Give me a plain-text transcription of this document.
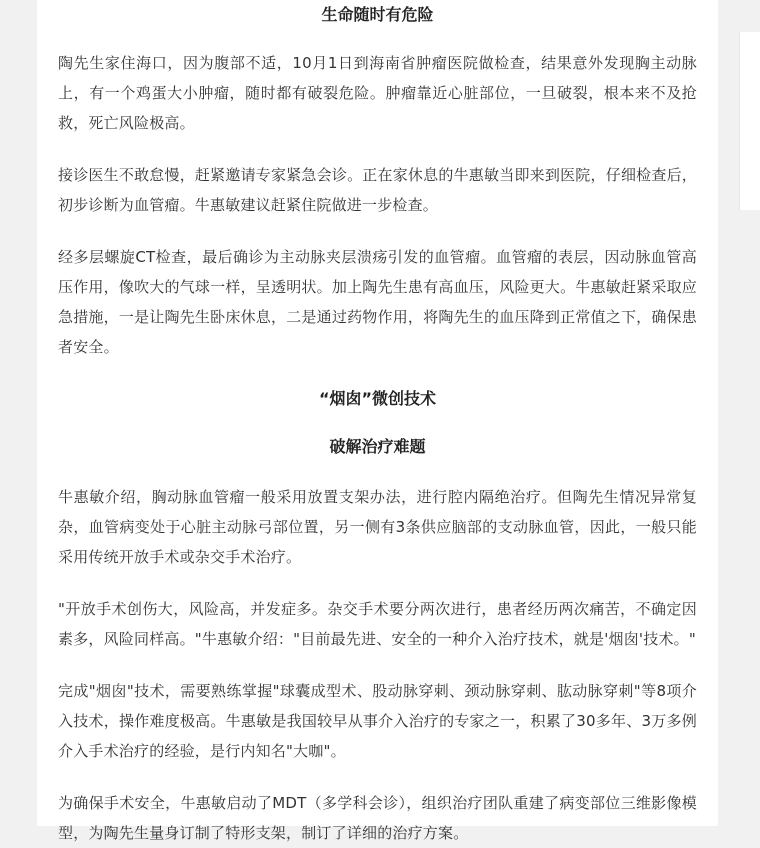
生命随时有危险

陶先生家住海口，因为腹部不适，10月1日到海南省肿瘤医院做检查，结果意外发现胸主动脉上，有一个鸡蛋大小肿瘤，随时都有破裂危险。肿瘤靠近心脏部位，一旦破裂，根本来不及抢救，死亡风险极高。

接诊医生不敢怠慢，赶紧邀请专家紧急会诊。正在家休息的牛惠敏当即来到医院，仔细检查后，初步诊断为血管瘤。牛惠敏建议赶紧住院做进一步检查。

经多层螺旋CT检查，最后确诊为主动脉夹层溃疡引发的血管瘤。血管瘤的表层，因动脉血管高压作用，像吹大的气球一样，呈透明状。加上陶先生患有高血压，风险更大。牛惠敏赶紧采取应急措施，一是让陶先生卧床休息，二是通过药物作用，将陶先生的血压降到正常值之下，确保患者安全。

“烟囱”微创技术
破解治疗难题

牛惠敏介绍，胸动脉血管瘤一般采用放置支架办法，进行腔内隔绝治疗。但陶先生情况异常复杂，血管病变处于心脏主动脉弓部位置，另一侧有3条供应脑部的支动脉血管，因此，一般只能采用传统开放手术或杂交手术治疗。

"开放手术创伤大，风险高，并发症多。杂交手术要分两次进行，患者经历两次痛苦，不确定因素多，风险同样高。"牛惠敏介绍："目前最先进、安全的一种介入治疗技术，就是'烟囱'技术。"

完成"烟囱"技术，需要熟练掌握"球囊成型术、股动脉穿刺、颈动脉穿刺、肱动脉穿刺"等8项介入技术，操作难度极高。牛惠敏是我国较早从事介入治疗的专家之一，积累了30多年、3万多例介入手术治疗的经验，是行内知名"大咖"。

为确保手术安全，牛惠敏启动了MDT（多学科会诊），组织治疗团队重建了病变部位三维影像模型，为陶先生量身订制了特形支架，制订了详细的治疗方案。
